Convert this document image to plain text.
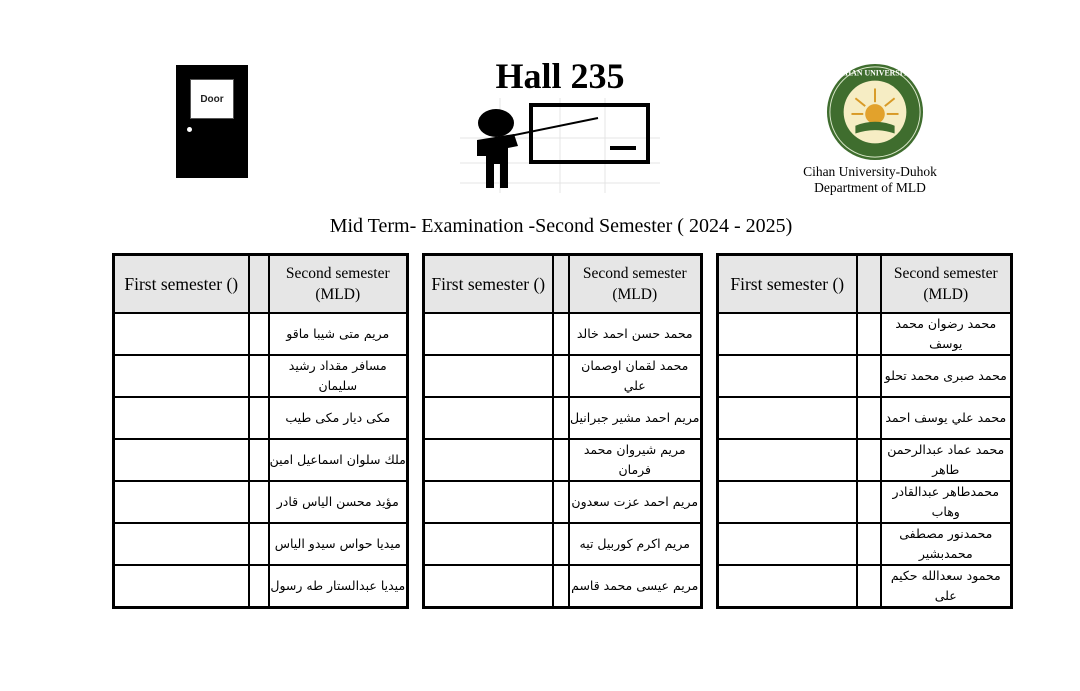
Door
Hall 235	CIHAN UNIVERSITY
Cihan University-Duhok
Department of MLD
Mid Term- Examination -Second Semester ( 2024 - 2025)
First semester ()		Second semester
(MLD)

		مريم متى شيبا ماقو
		مسافر مقداد رشيد سليمان
		مكى ديار مكى طيب
		ملك سلوان اسماعيل امين
		مؤيد محسن الياس قادر
		ميديا حواس سيدو الياس
		ميديا عبدالستار طه رسول
First semester ()		Second semester
(MLD)

		محمد حسن احمد خالد
		محمد لقمان اوصمان علي
		مريم احمد مشير جبرانيل
		مريم شيروان محمد فرمان
		مريم احمد عزت سعدون
		مريم اكرم كوربيل تيه
		مريم عيسى محمد قاسم
First semester ()		Second semester
(MLD)

		محمد رضوان محمد يوسف
		محمد صبرى محمد تحلو
		محمد علي يوسف احمد
		محمد عماد عبدالرحمن طاهر
		محمدطاهر عبدالقادر وهاب
		محمدنور مصطفى محمدبشير
		محمود سعدالله حكيم على
